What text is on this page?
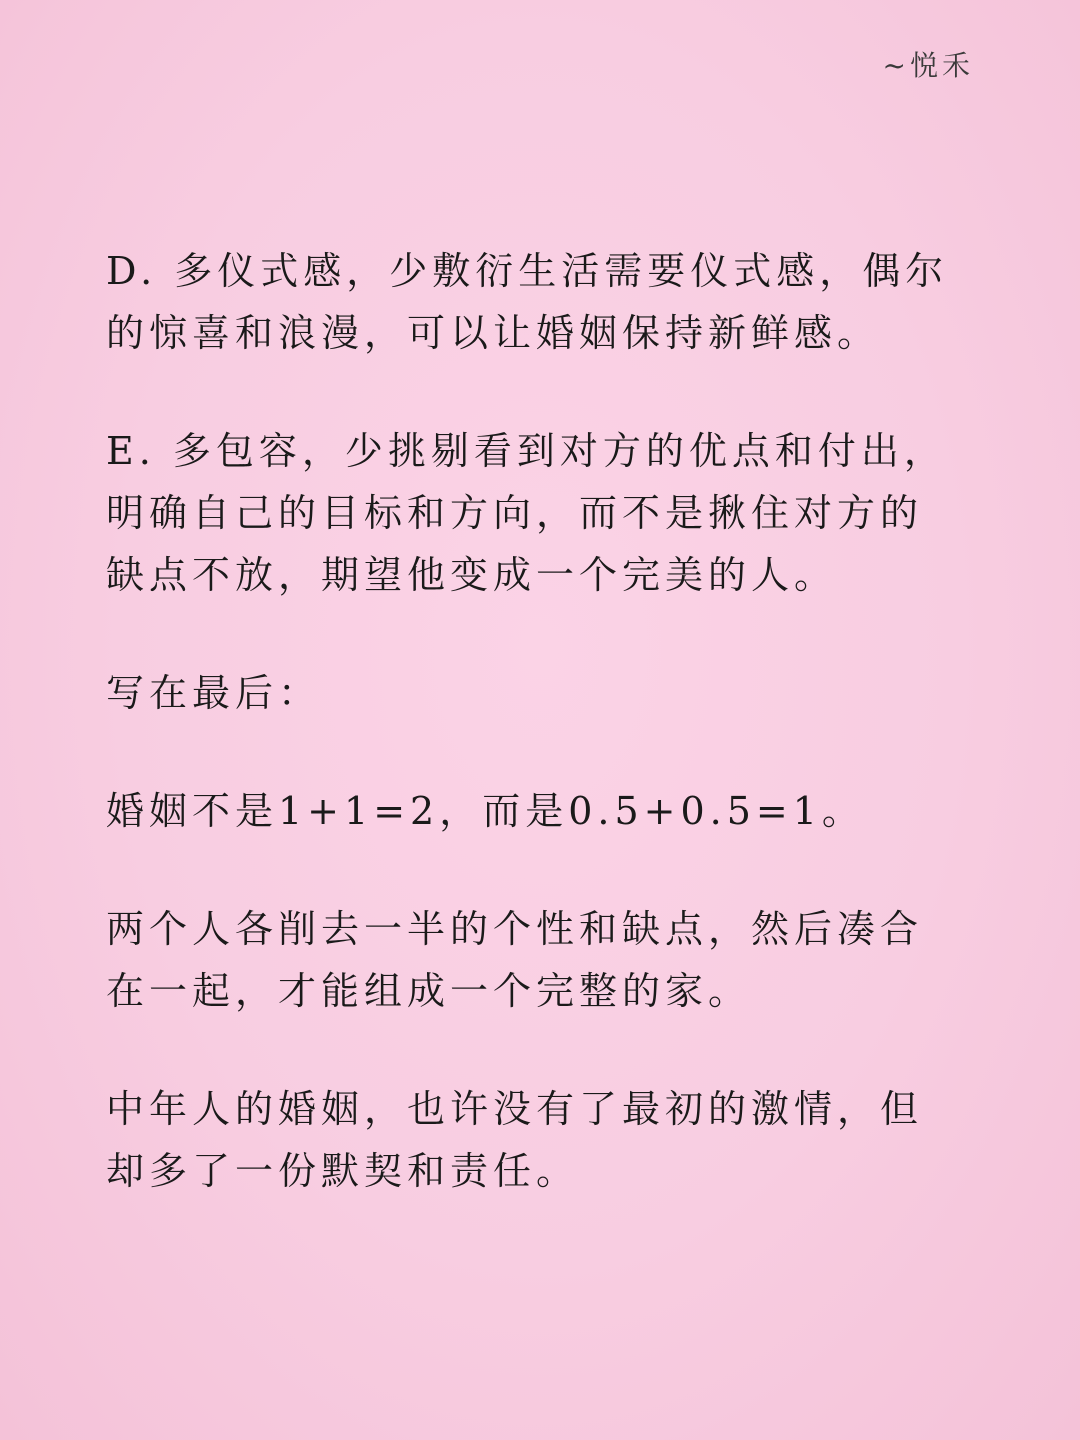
~悦禾

D. 多仪式感，少敷衍生活需要仪式感，偶尔
的惊喜和浪漫，可以让婚姻保持新鲜感。

E. 多包容，少挑剔看到对方的优点和付出，
明确自己的目标和方向，而不是揪住对方的
缺点不放，期望他变成一个完美的人。

写在最后：

婚姻不是1+1=2，而是0.5+0.5=1。

两个人各削去一半的个性和缺点，然后凑合
在一起，才能组成一个完整的家。

中年人的婚姻，也许没有了最初的激情，但
却多了一份默契和责任。
